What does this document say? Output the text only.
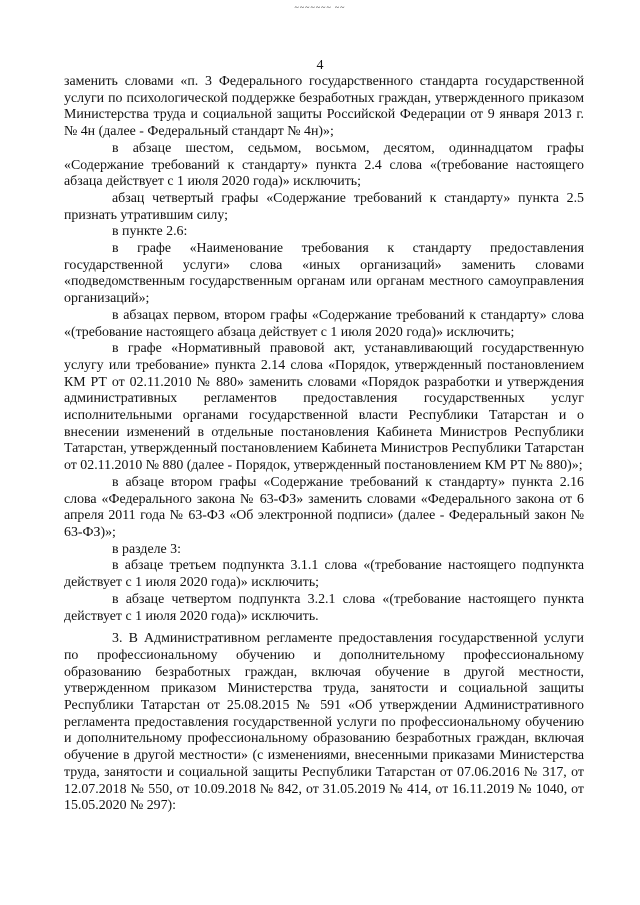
~~~~~~~ ~~
4

заменить словами «п. 3 Федерального государственного стандарта государственной услуги по психологической поддержке безработных граждан, утвержденного приказом Министерства труда и социальной защиты Российской Федерации от 9 января 2013 г. № 4н (далее - Федеральный стандарт № 4н)»;

в абзаце шестом, седьмом, восьмом, десятом, одиннадцатом графы «Содержание требований к стандарту» пункта 2.4 слова «(требование настоящего абзаца действует с 1 июля 2020 года)» исключить;

абзац четвертый графы «Содержание требований к стандарту» пункта 2.5 признать утратившим силу;

в пункте 2.6:

в графе «Наименование требования к стандарту предоставления государственной услуги» слова «иных организаций» заменить словами «подведомственным государственным органам или органам местного самоуправления организаций»;

в абзацах первом, втором графы «Содержание требований к стандарту» слова «(требование настоящего абзаца действует с 1 июля 2020 года)» исключить;

в графе «Нормативный правовой акт, устанавливающий государственную услугу или требование» пункта 2.14 слова «Порядок, утвержденный постановлением КМ РТ от 02.11.2010 № 880» заменить словами «Порядок разработки и утверждения административных регламентов предоставления государственных услуг исполнительными органами государственной власти Республики Татарстан и о внесении изменений в отдельные постановления Кабинета Министров Республики Татарстан, утвержденный постановлением Кабинета Министров Республики Татарстан от 02.11.2010 № 880 (далее - Порядок, утвержденный постановлением КМ РТ № 880)»;

в абзаце втором графы «Содержание требований к стандарту» пункта 2.16 слова «Федерального закона № 63-ФЗ» заменить словами «Федерального закона от 6 апреля 2011 года № 63-ФЗ «Об электронной подписи» (далее - Федеральный закон № 63-ФЗ)»;

в разделе 3:

в абзаце третьем подпункта 3.1.1 слова «(требование настоящего подпункта действует с 1 июля 2020 года)» исключить;

в абзаце четвертом подпункта 3.2.1 слова «(требование настоящего пункта действует с 1 июля 2020 года)» исключить.

3. В Административном регламенте предоставления государственной услуги по профессиональному обучению и дополнительному профессиональному образованию безработных граждан, включая обучение в другой местности, утвержденном приказом Министерства труда, занятости и социальной защиты Республики Татарстан от 25.08.2015 № 591 «Об утверждении Административного регламента предоставления государственной услуги по профессиональному обучению и дополнительному профессиональному образованию безработных граждан, включая обучение в другой местности» (с изменениями, внесенными приказами Министерства труда, занятости и социальной защиты Республики Татарстан от 07.06.2016 № 317, от 12.07.2018 № 550, от 10.09.2018 № 842, от 31.05.2019 № 414, от 16.11.2019 № 1040, от 15.05.2020 № 297):
